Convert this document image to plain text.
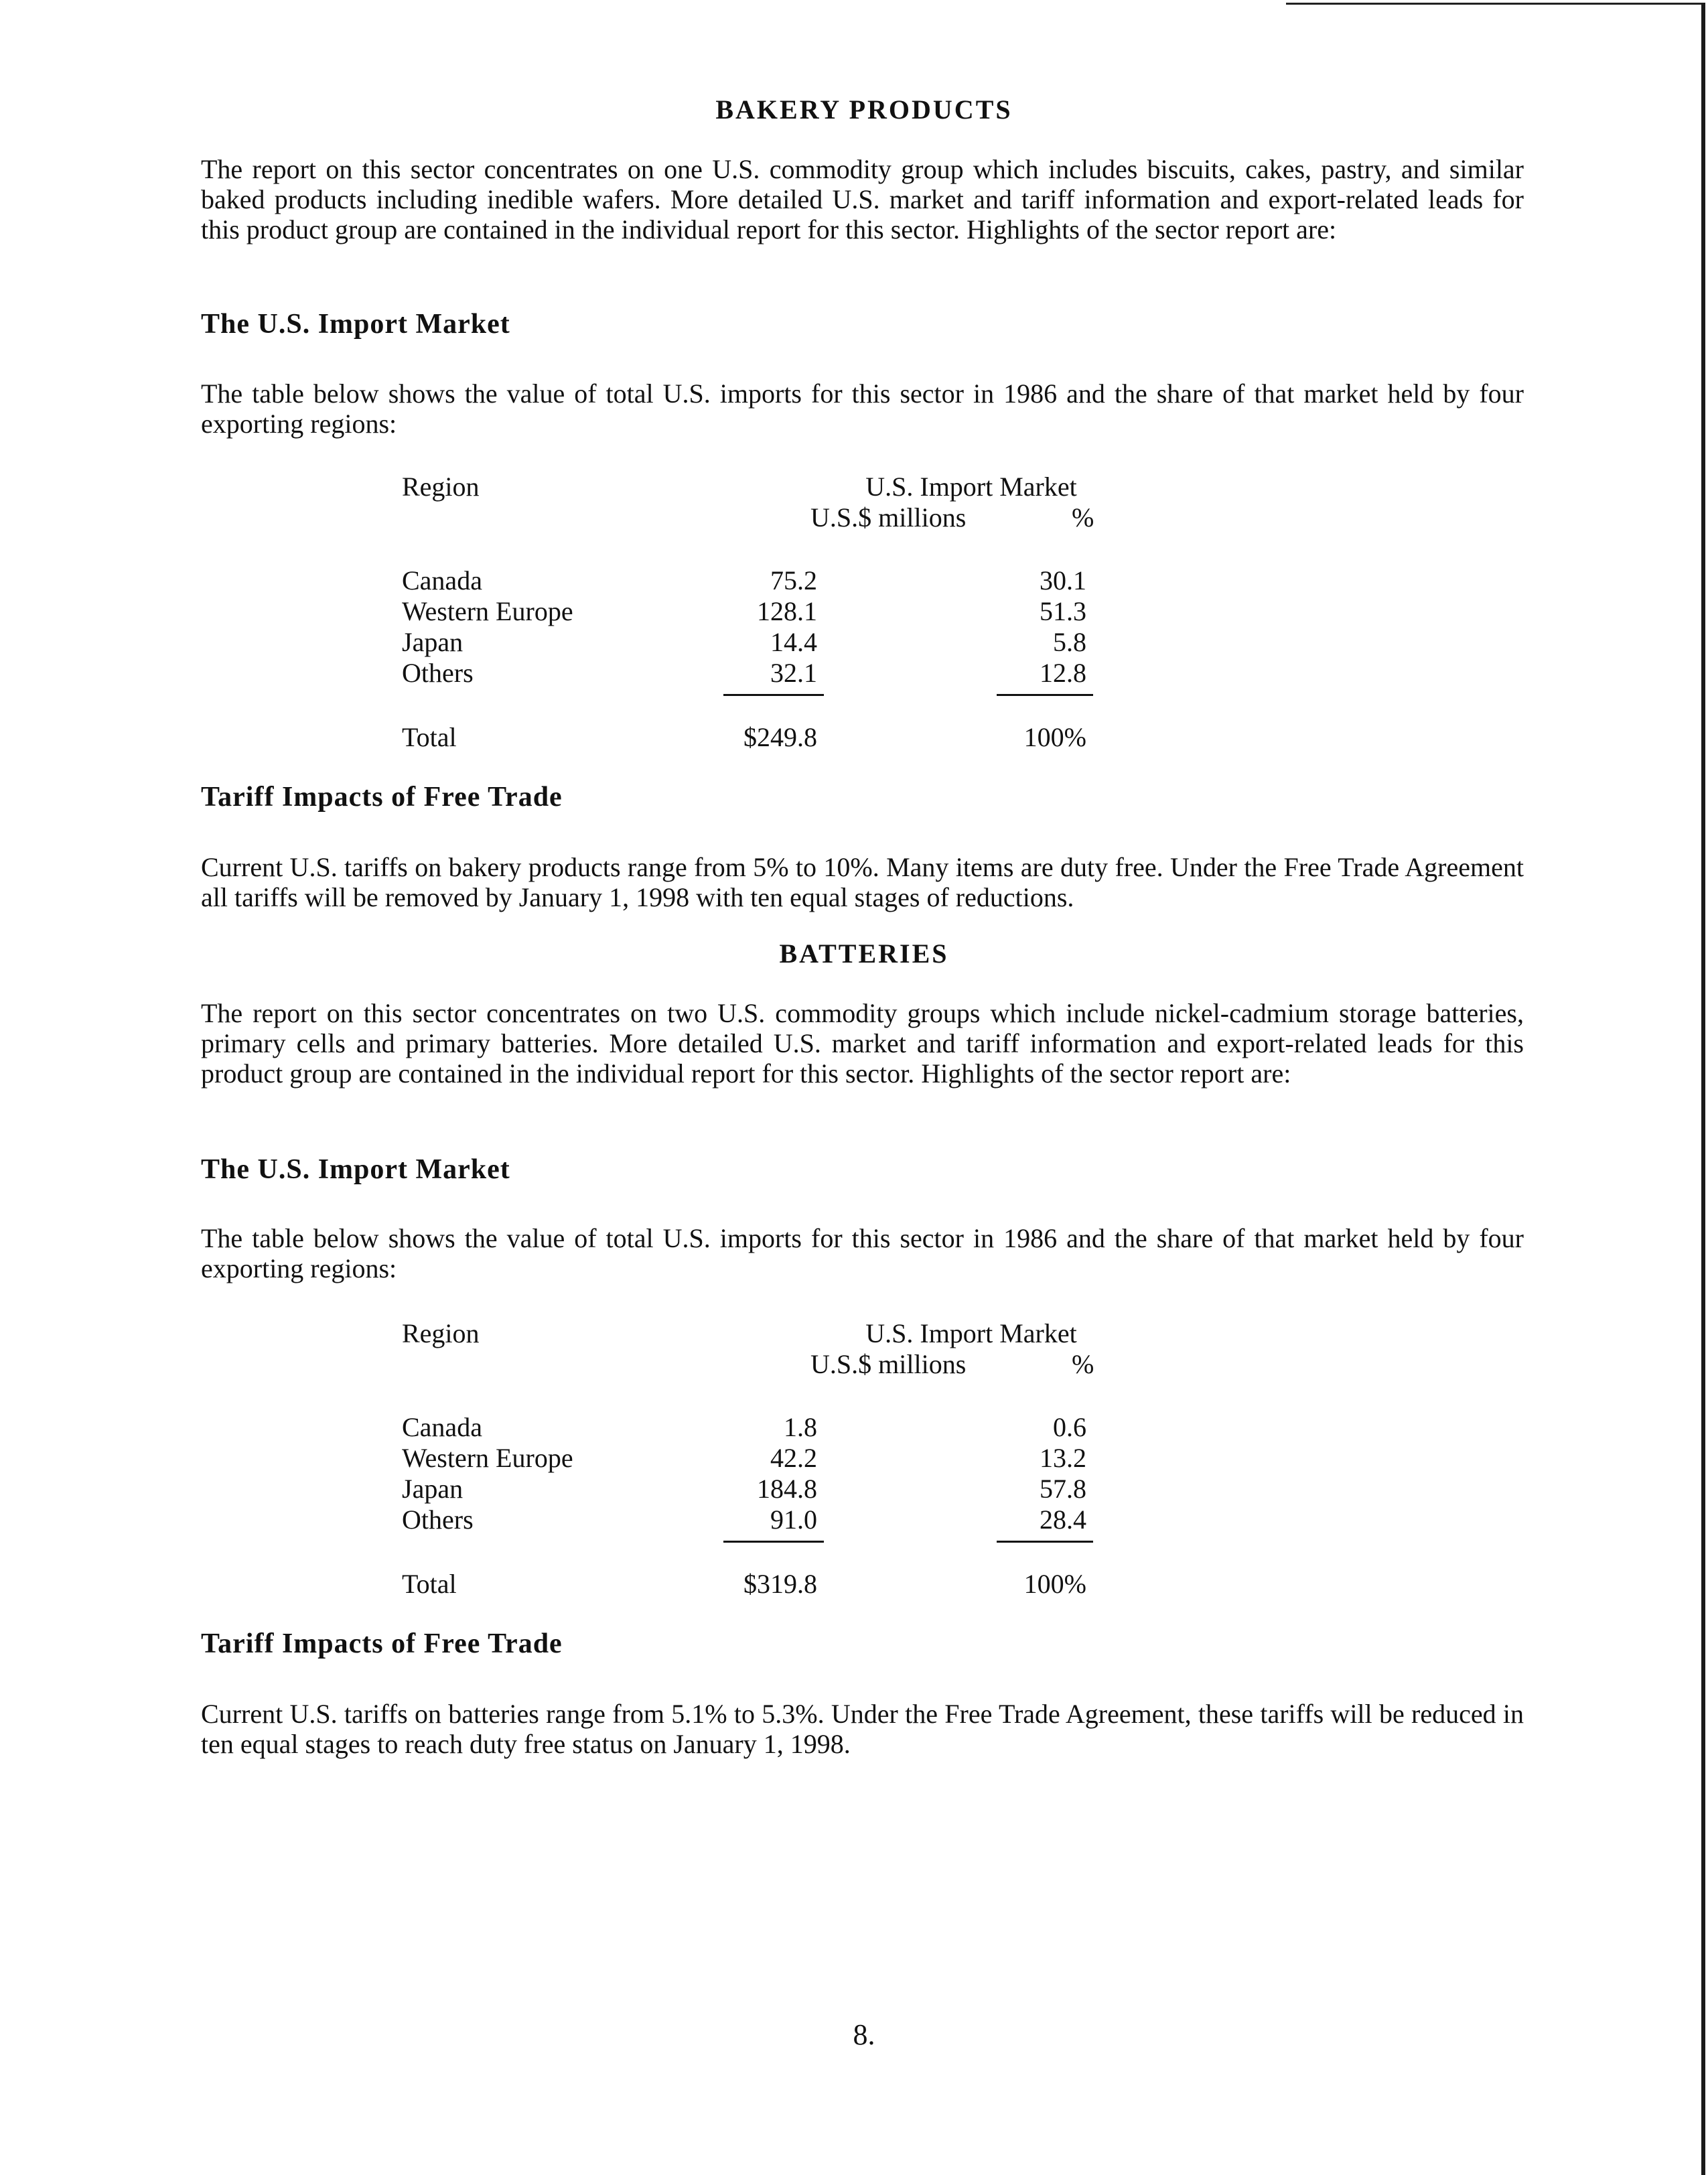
BAKERY PRODUCTS
The report on this sector concentrates on one U.S. commodity group which includes biscuits, cakes, pastry, and similar baked products including inedible wafers. More detailed U.S. market and tariff information and export-related leads for this product group are contained in the individual report for this sector. Highlights of the sector report are:
The U.S. Import Market
The table below shows the value of total U.S. imports for this sector in 1986 and the share of that market held by four exporting regions:
Region	U.S. Import Market
U.S.$ millions	%
Canada	75.2	30.1
Western Europe	128.1	51.3
Japan	14.4	5.8
Others	32.1	12.8
Total	$249.8	100%
Tariff Impacts of Free Trade
Current U.S. tariffs on bakery products range from 5% to 10%. Many items are duty free. Under the Free Trade Agreement all tariffs will be removed by January 1, 1998 with ten equal stages of reductions.
BATTERIES
The report on this sector concentrates on two U.S. commodity groups which include nickel-cadmium storage batteries, primary cells and primary batteries. More detailed U.S. market and tariff information and export-related leads for this product group are contained in the individual report for this sector. Highlights of the sector report are:
The U.S. Import Market
The table below shows the value of total U.S. imports for this sector in 1986 and the share of that market held by four exporting regions:
Region	U.S. Import Market
U.S.$ millions	%
Canada	1.8	0.6
Western Europe	42.2	13.2
Japan	184.8	57.8
Others	91.0	28.4
Total	$319.8	100%
Tariff Impacts of Free Trade
Current U.S. tariffs on batteries range from 5.1% to 5.3%. Under the Free Trade Agreement, these tariffs will be reduced in ten equal stages to reach duty free status on January 1, 1998.
8.
